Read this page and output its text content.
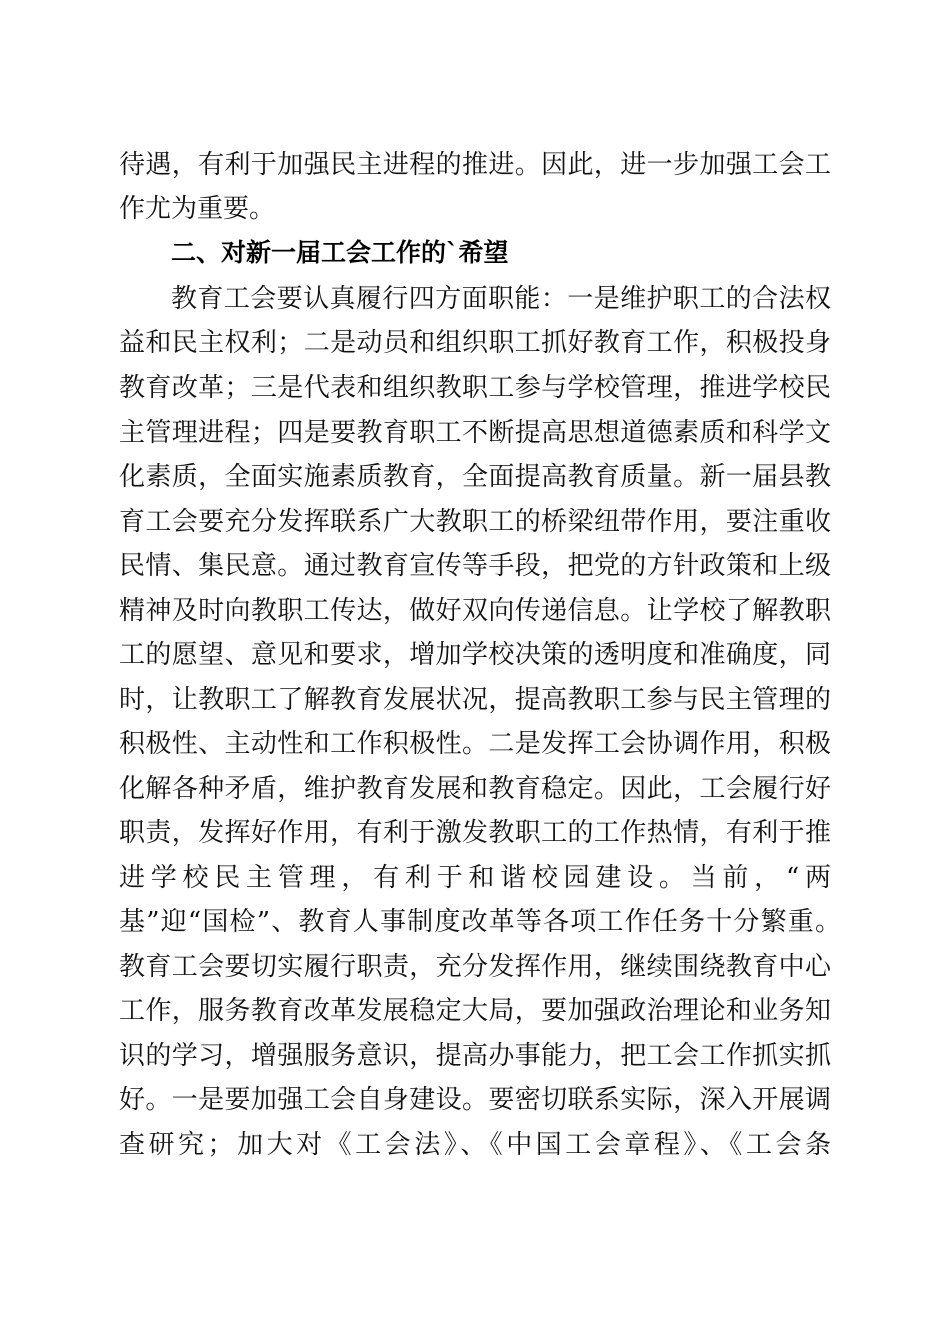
待遇，有利于加强民主进程的推进。因此，进一步加强工会工
作尤为重要。
二、对新一届工会工作的`希望
教育工会要认真履行四方面职能：一是维护职工的合法权
益和民主权利；二是动员和组织职工抓好教育工作，积极投身
教育改革；三是代表和组织教职工参与学校管理，推进学校民
主管理进程；四是要教育职工不断提高思想道德素质和科学文
化素质，全面实施素质教育，全面提高教育质量。新一届县教
育工会要充分发挥联系广大教职工的桥梁纽带作用，要注重收
民情、集民意。通过教育宣传等手段，把党的方针政策和上级
精神及时向教职工传达，做好双向传递信息。让学校了解教职
工的愿望、意见和要求，增加学校决策的透明度和准确度，同
时，让教职工了解教育发展状况，提高教职工参与民主管理的
积极性、主动性和工作积极性。二是发挥工会协调作用，积极
化解各种矛盾，维护教育发展和教育稳定。因此，工会履行好
职责，发挥好作用，有利于激发教职工的工作热情，有利于推
进学校民主管理，有利于和谐校园建设。当前，“两
基”迎“国检”、教育人事制度改革等各项工作任务十分繁重。
教育工会要切实履行职责，充分发挥作用，继续围绕教育中心
工作，服务教育改革发展稳定大局，要加强政治理论和业务知
识的学习，增强服务意识，提高办事能力，把工会工作抓实抓
好。一是要加强工会自身建设。要密切联系实际，深入开展调
查研究；加大对《工会法》、《中国工会章程》、《工会条
